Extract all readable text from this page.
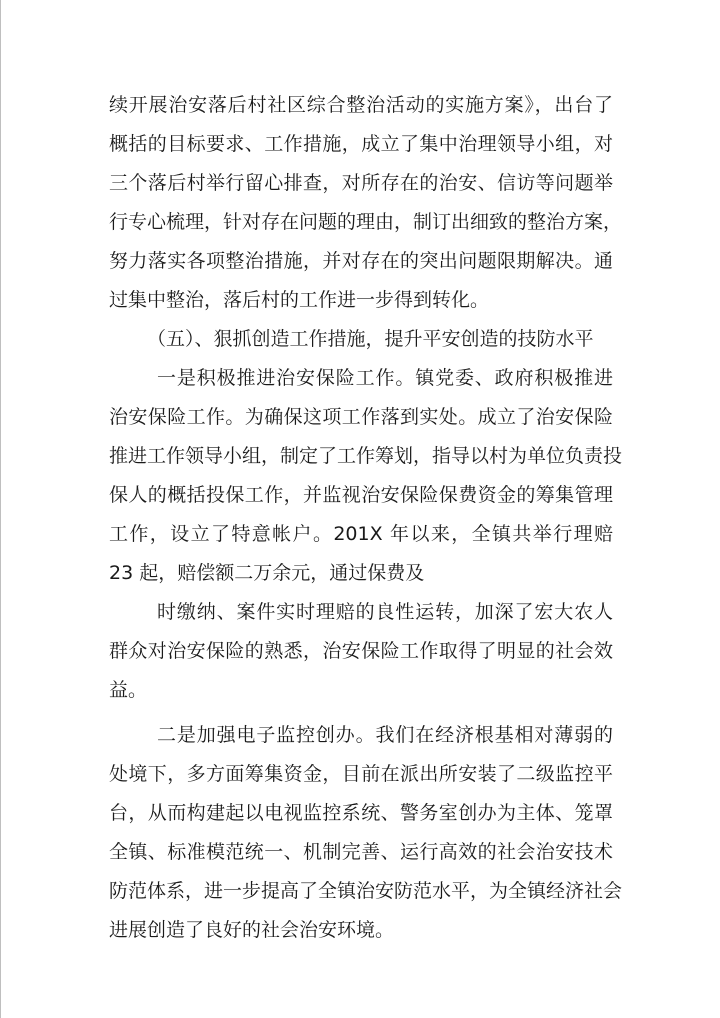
续开展治安落后村社区综合整治活动的实施方案》，出台了
概括的目标要求、工作措施，成立了集中治理领导小组，对
三个落后村举行留心排查，对所存在的治安、信访等问题举
行专心梳理，针对存在问题的理由，制订出细致的整治方案，
努力落实各项整治措施，并对存在的突出问题限期解决。通
过集中整治，落后村的工作进一步得到转化。
（五）、狠抓创造工作措施，提升平安创造的技防水平
一是积极推进治安保险工作。镇党委、政府积极推进
治安保险工作。为确保这项工作落到实处。成立了治安保险
推进工作领导小组，制定了工作筹划，指导以村为单位负责投
保人的概括投保工作，并监视治安保险保费资金的筹集管理
工作，设立了特意帐户。201X 年以来，全镇共举行理赔
23 起，赔偿额二万余元，通过保费及
时缴纳、案件实时理赔的良性运转，加深了宏大农人
群众对治安保险的熟悉，治安保险工作取得了明显的社会效
益。
二是加强电子监控创办。我们在经济根基相对薄弱的
处境下，多方面筹集资金，目前在派出所安装了二级监控平
台，从而构建起以电视监控系统、警务室创办为主体、笼罩
全镇、标准模范统一、机制完善、运行高效的社会治安技术
防范体系，进一步提高了全镇治安防范水平，为全镇经济社会
进展创造了良好的社会治安环境。
